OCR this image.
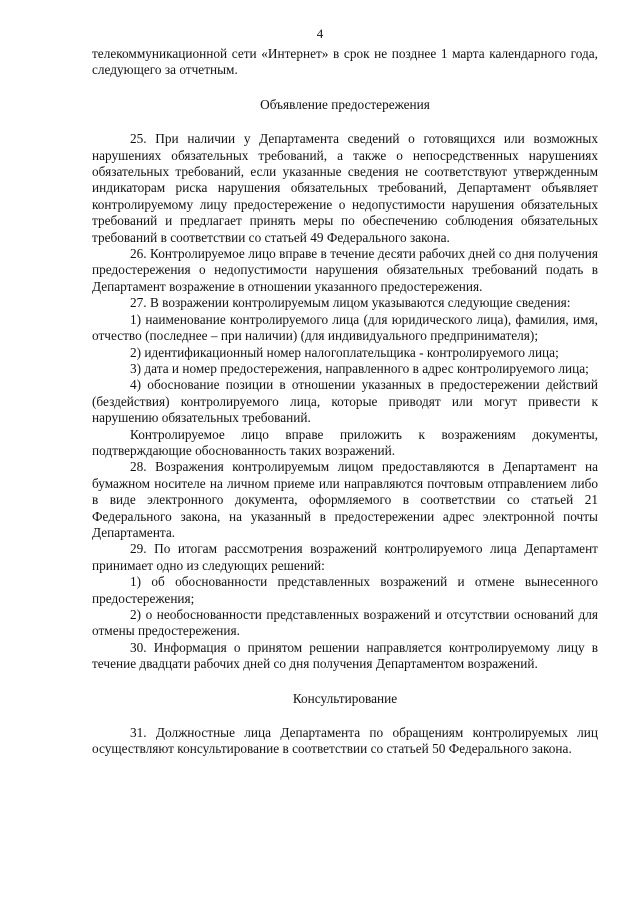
4

телекоммуникационной сети «Интернет» в срок не позднее 1 марта календарного года, следующего за отчетным.

Объявление предостережения

25. При наличии у Департамента сведений о готовящихся или возможных нарушениях обязательных требований, а также о непосредственных нарушениях обязательных требований, если указанные сведения не соответствуют утвержденным индикаторам риска нарушения обязательных требований, Департамент объявляет контролируемому лицу предостережение о недопустимости нарушения обязательных требований и предлагает принять меры по обеспечению соблюдения обязательных требований в соответствии со статьей 49 Федерального закона.

26. Контролируемое лицо вправе в течение десяти рабочих дней со дня получения предостережения о недопустимости нарушения обязательных требований подать в Департамент возражение в отношении указанного предостережения.

27. В возражении контролируемым лицом указываются следующие сведения:

1) наименование контролируемого лица (для юридического лица), фамилия, имя, отчество (последнее – при наличии) (для индивидуального предпринимателя);

2) идентификационный номер налогоплательщика - контролируемого лица;

3) дата и номер предостережения, направленного в адрес контролируемого лица;

4) обоснование позиции в отношении указанных в предостережении действий (бездействия) контролируемого лица, которые приводят или могут привести к нарушению обязательных требований.

Контролируемое лицо вправе приложить к возражениям документы, подтверждающие обоснованность таких возражений.

28. Возражения контролируемым лицом предоставляются в Департамент на бумажном носителе на личном приеме или направляются почтовым отправлением либо в виде электронного документа, оформляемого в соответствии со статьей 21 Федерального закона, на указанный в предостережении адрес электронной почты Департамента.

29. По итогам рассмотрения возражений контролируемого лица Департамент принимает одно из следующих решений:

1) об обоснованности представленных возражений и отмене вынесенного предостережения;

2) о необоснованности представленных возражений и отсутствии оснований для отмены предостережения.

30. Информация о принятом решении направляется контролируемому лицу в течение двадцати рабочих дней со дня получения Департаментом возражений.

Консультирование

31. Должностные лица Департамента по обращениям контролируемых лиц осуществляют консультирование в соответствии со статьей 50 Федерального закона.
